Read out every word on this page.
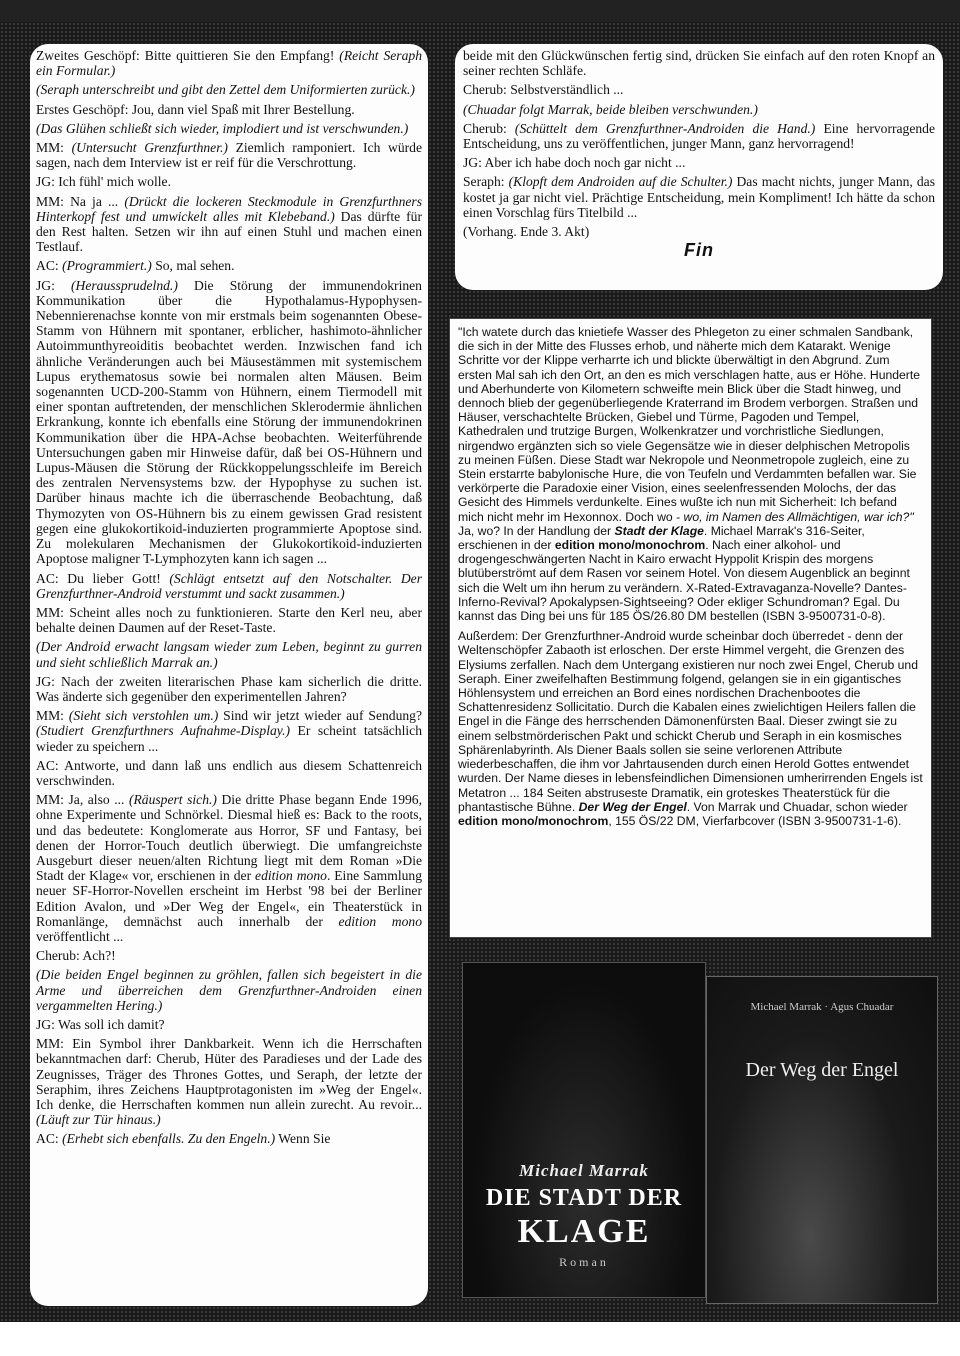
Zweites Geschöpf: Bitte quittieren Sie den Empfang! (Reicht Seraph ein Formular.)

(Seraph unterschreibt und gibt den Zettel dem Uniformierten zurück.)

Erstes Geschöpf: Jou, dann viel Spaß mit Ihrer Bestellung.

(Das Glühen schließt sich wieder, implodiert und ist verschwunden.)

MM: (Untersucht Grenzfurthner.) Ziemlich ramponiert. Ich würde sagen, nach dem Interview ist er reif für die Verschrottung.

JG: Ich fühl' mich wolle.

MM: Na ja ... (Drückt die lockeren Steckmodule in Grenzfurthners Hinterkopf fest und umwickelt alles mit Klebeband.) Das dürfte für den Rest halten. Setzen wir ihn auf einen Stuhl und machen einen Testlauf.

AC: (Programmiert.) So, mal sehen.

JG: (Heraussprudelnd.) Die Störung der immunendokrinen Kommunikation über die Hypothalamus-Hypophysen-Nebennierenachse konnte von mir erstmals beim sogenannten Obese-Stamm von Hühnern mit spontaner, erblicher, hashimoto-ähnlicher Autoimmunthyreoiditis beobachtet werden. Inzwischen fand ich ähnliche Veränderungen auch bei Mäusestämmen mit systemischem Lupus erythematosus sowie bei normalen alten Mäusen. Beim sogenannten UCD-200-Stamm von Hühnern, einem Tiermodell mit einer spontan auftretenden, der menschlichen Sklerodermie ähnlichen Erkrankung, konnte ich ebenfalls eine Störung der immunendokrinen Kommunikation über die HPA-Achse beobachten. Weiterführende Untersuchungen gaben mir Hinweise dafür, daß bei OS-Hühnern und Lupus-Mäusen die Störung der Rückkoppelungsschleife im Bereich des zentralen Nervensystems bzw. der Hypophyse zu suchen ist. Darüber hinaus machte ich die überraschende Beobachtung, daß Thymozyten von OS-Hühnern bis zu einem gewissen Grad resistent gegen eine glukokortikoid-induzierten programmierte Apoptose sind. Zu molekularen Mechanismen der Glukokortikoid-induzierten Apoptose maligner T-Lymphozyten kann ich sagen ...

AC: Du lieber Gott! (Schlägt entsetzt auf den Notschalter. Der Grenzfurthner-Android verstummt und sackt zusammen.)

MM: Scheint alles noch zu funktionieren. Starte den Kerl neu, aber behalte deinen Daumen auf der Reset-Taste.

(Der Android erwacht langsam wieder zum Leben, beginnt zu gurren und sieht schließlich Marrak an.)

JG: Nach der zweiten literarischen Phase kam sicherlich die dritte. Was änderte sich gegenüber den experimentellen Jahren?

MM: (Sieht sich verstohlen um.) Sind wir jetzt wieder auf Sendung? (Studiert Grenzfurthners Aufnahme-Display.) Er scheint tatsächlich wieder zu speichern ...

AC: Antworte, und dann laß uns endlich aus diesem Schattenreich verschwinden.

MM: Ja, also ... (Räuspert sich.) Die dritte Phase begann Ende 1996, ohne Experimente und Schnörkel. Diesmal hieß es: Back to the roots, und das bedeutete: Konglomerate aus Horror, SF und Fantasy, bei denen der Horror-Touch deutlich überwiegt. Die umfangreichste Ausgeburt dieser neuen/alten Richtung liegt mit dem Roman »Die Stadt der Klage« vor, erschienen in der edition mono. Eine Sammlung neuer SF-Horror-Novellen erscheint im Herbst '98 bei der Berliner Edition Avalon, und »Der Weg der Engel«, ein Theaterstück in Romanlänge, demnächst auch innerhalb der edition mono veröffentlicht ...

Cherub: Ach?!

(Die beiden Engel beginnen zu gröhlen, fallen sich begeistert in die Arme und überreichen dem Grenzfurthner-Androiden einen vergammelten Hering.)

JG: Was soll ich damit?

MM: Ein Symbol ihrer Dankbarkeit. Wenn ich die Herrschaften bekanntmachen darf: Cherub, Hüter des Paradieses und der Lade des Zeugnisses, Träger des Thrones Gottes, und Seraph, der letzte der Seraphim, ihres Zeichens Hauptprotagonisten im »Weg der Engel«. Ich denke, die Herrschaften kommen nun allein zurecht. Au revoir... (Läuft zur Tür hinaus.)

AC: (Erhebt sich ebenfalls. Zu den Engeln.) Wenn Sie

beide mit den Glückwünschen fertig sind, drücken Sie einfach auf den roten Knopf an seiner rechten Schläfe.

Cherub: Selbstverständlich ...

(Chuadar folgt Marrak, beide bleiben verschwunden.)

Cherub: (Schüttelt dem Grenzfurthner-Androiden die Hand.) Eine hervorragende Entscheidung, uns zu veröffentlichen, junger Mann, ganz hervorragend!

JG: Aber ich habe doch noch gar nicht ...

Seraph: (Klopft dem Androiden auf die Schulter.) Das macht nichts, junger Mann, das kostet ja gar nicht viel. Prächtige Entscheidung, mein Kompliment! Ich hätte da schon einen Vorschlag fürs Titelbild ...

(Vorhang. Ende 3. Akt)

Fin

"Ich watete durch das knietiefe Wasser des Phlegeton zu einer schmalen Sandbank, die sich in der Mitte des Flusses erhob, und näherte mich dem Katarakt. Wenige Schritte vor der Klippe verharrte ich und blickte überwältigt in den Abgrund. Zum ersten Mal sah ich den Ort, an den es mich verschlagen hatte, aus er Höhe. Hunderte und Aberhunderte von Kilometern schweifte mein Blick über die Stadt hinweg, und dennoch blieb der gegenüberliegende Kraterrand im Brodem verborgen. Straßen und Häuser, verschachtelte Brücken, Giebel und Türme, Pagoden und Tempel, Kathedralen und trutzige Burgen, Wolkenkratzer und vorchristliche Siedlungen, nirgendwo ergänzten sich so viele Gegensätze wie in dieser delphischen Metropolis zu meinen Füßen. Diese Stadt war Nekropole und Neonmetropole zugleich, eine zu Stein erstarrte babylonische Hure, die von Teufeln und Verdammten befallen war. Sie verkörperte die Paradoxie einer Vision, eines seelenfressenden Molochs, der das Gesicht des Himmels verdunkelte. Eines wußte ich nun mit Sicherheit: Ich befand mich nicht mehr im Hexonnox. Doch wo - wo, im Namen des Allmächtigen, war ich?" Ja, wo? In der Handlung der Stadt der Klage. Michael Marrak's 316-Seiter, erschienen in der edition mono/monochrom. Nach einer alkohol- und drogengeschwängerten Nacht in Kairo erwacht Hyppolit Krispin des morgens blutüberströmt auf dem Rasen vor seinem Hotel. Von diesem Augenblick an beginnt sich die Welt um ihn herum zu verändern. X-Rated-Extravaganza-Novelle? Dantes-Inferno-Revival? Apokalypsen-Sightseeing? Oder ekliger Schundroman? Egal. Du kannst das Ding bei uns für 185 ÖS/26.80 DM bestellen (ISBN 3-9500731-0-8).

Außerdem: Der Grenzfurthner-Android wurde scheinbar doch überredet - denn der Weltenschöpfer Zabaoth ist erloschen. Der erste Himmel vergeht, die Grenzen des Elysiums zerfallen. Nach dem Untergang existieren nur noch zwei Engel, Cherub und Seraph. Einer zweifelhaften Bestimmung folgend, gelangen sie in ein gigantisches Höhlensystem und erreichen an Bord eines nordischen Drachenbootes die Schattenresidenz Sollicitatio. Durch die Kabalen eines zwielichtigen Heilers fallen die Engel in die Fänge des herrschenden Dämonenfürsten Baal. Dieser zwingt sie zu einem selbstmörderischen Pakt und schickt Cherub und Seraph in ein kosmisches Sphärenlabyrinth. Als Diener Baals sollen sie seine verlorenen Attribute wiederbeschaffen, die ihm vor Jahrtausenden durch einen Herold Gottes entwendet wurden. Der Name dieses in lebensfeindlichen Dimensionen umherirrenden Engels ist Metatron ... 184 Seiten abstruseste Dramatik, ein groteskes Theaterstück für die phantastische Bühne. Der Weg der Engel. Von Marrak und Chuadar, schon wieder edition mono/monochrom, 155 ÖS/22 DM, Vierfarbcover (ISBN 3-9500731-1-6).

Michael Marrak
DIE STADT DER
KLAGE
Roman
Michael Marrak · Agus Chuadar
Der Weg der Engel
